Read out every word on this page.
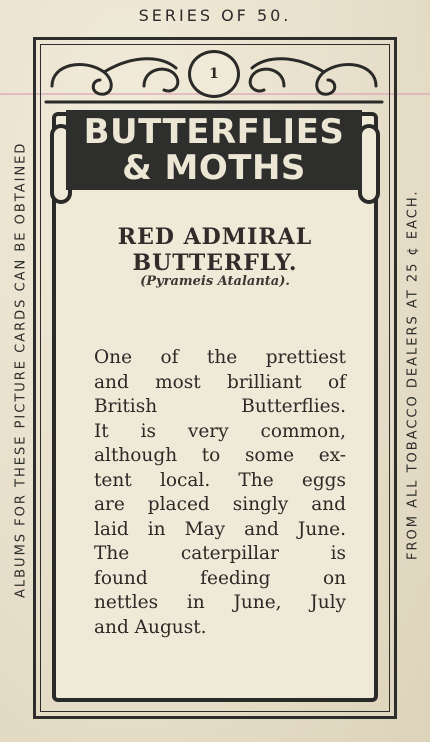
SERIES OF 50.
1
BUTTERFLIES
& MOTHS
RED ADMIRAL
BUTTERFLY.
(Pyrameis Atalanta).
One of the prettiest
and most brilliant of
British Butterflies.
It is very common,
although to some ex-
tent local. The eggs
are placed singly and
laid in May and June.
The caterpillar is
found feeding on
nettles in June, July
and August.
ALBUMS FOR THESE PICTURE CARDS CAN BE OBTAINED	FROM ALL TOBACCO DEALERS AT 25 ¢ EACH.
